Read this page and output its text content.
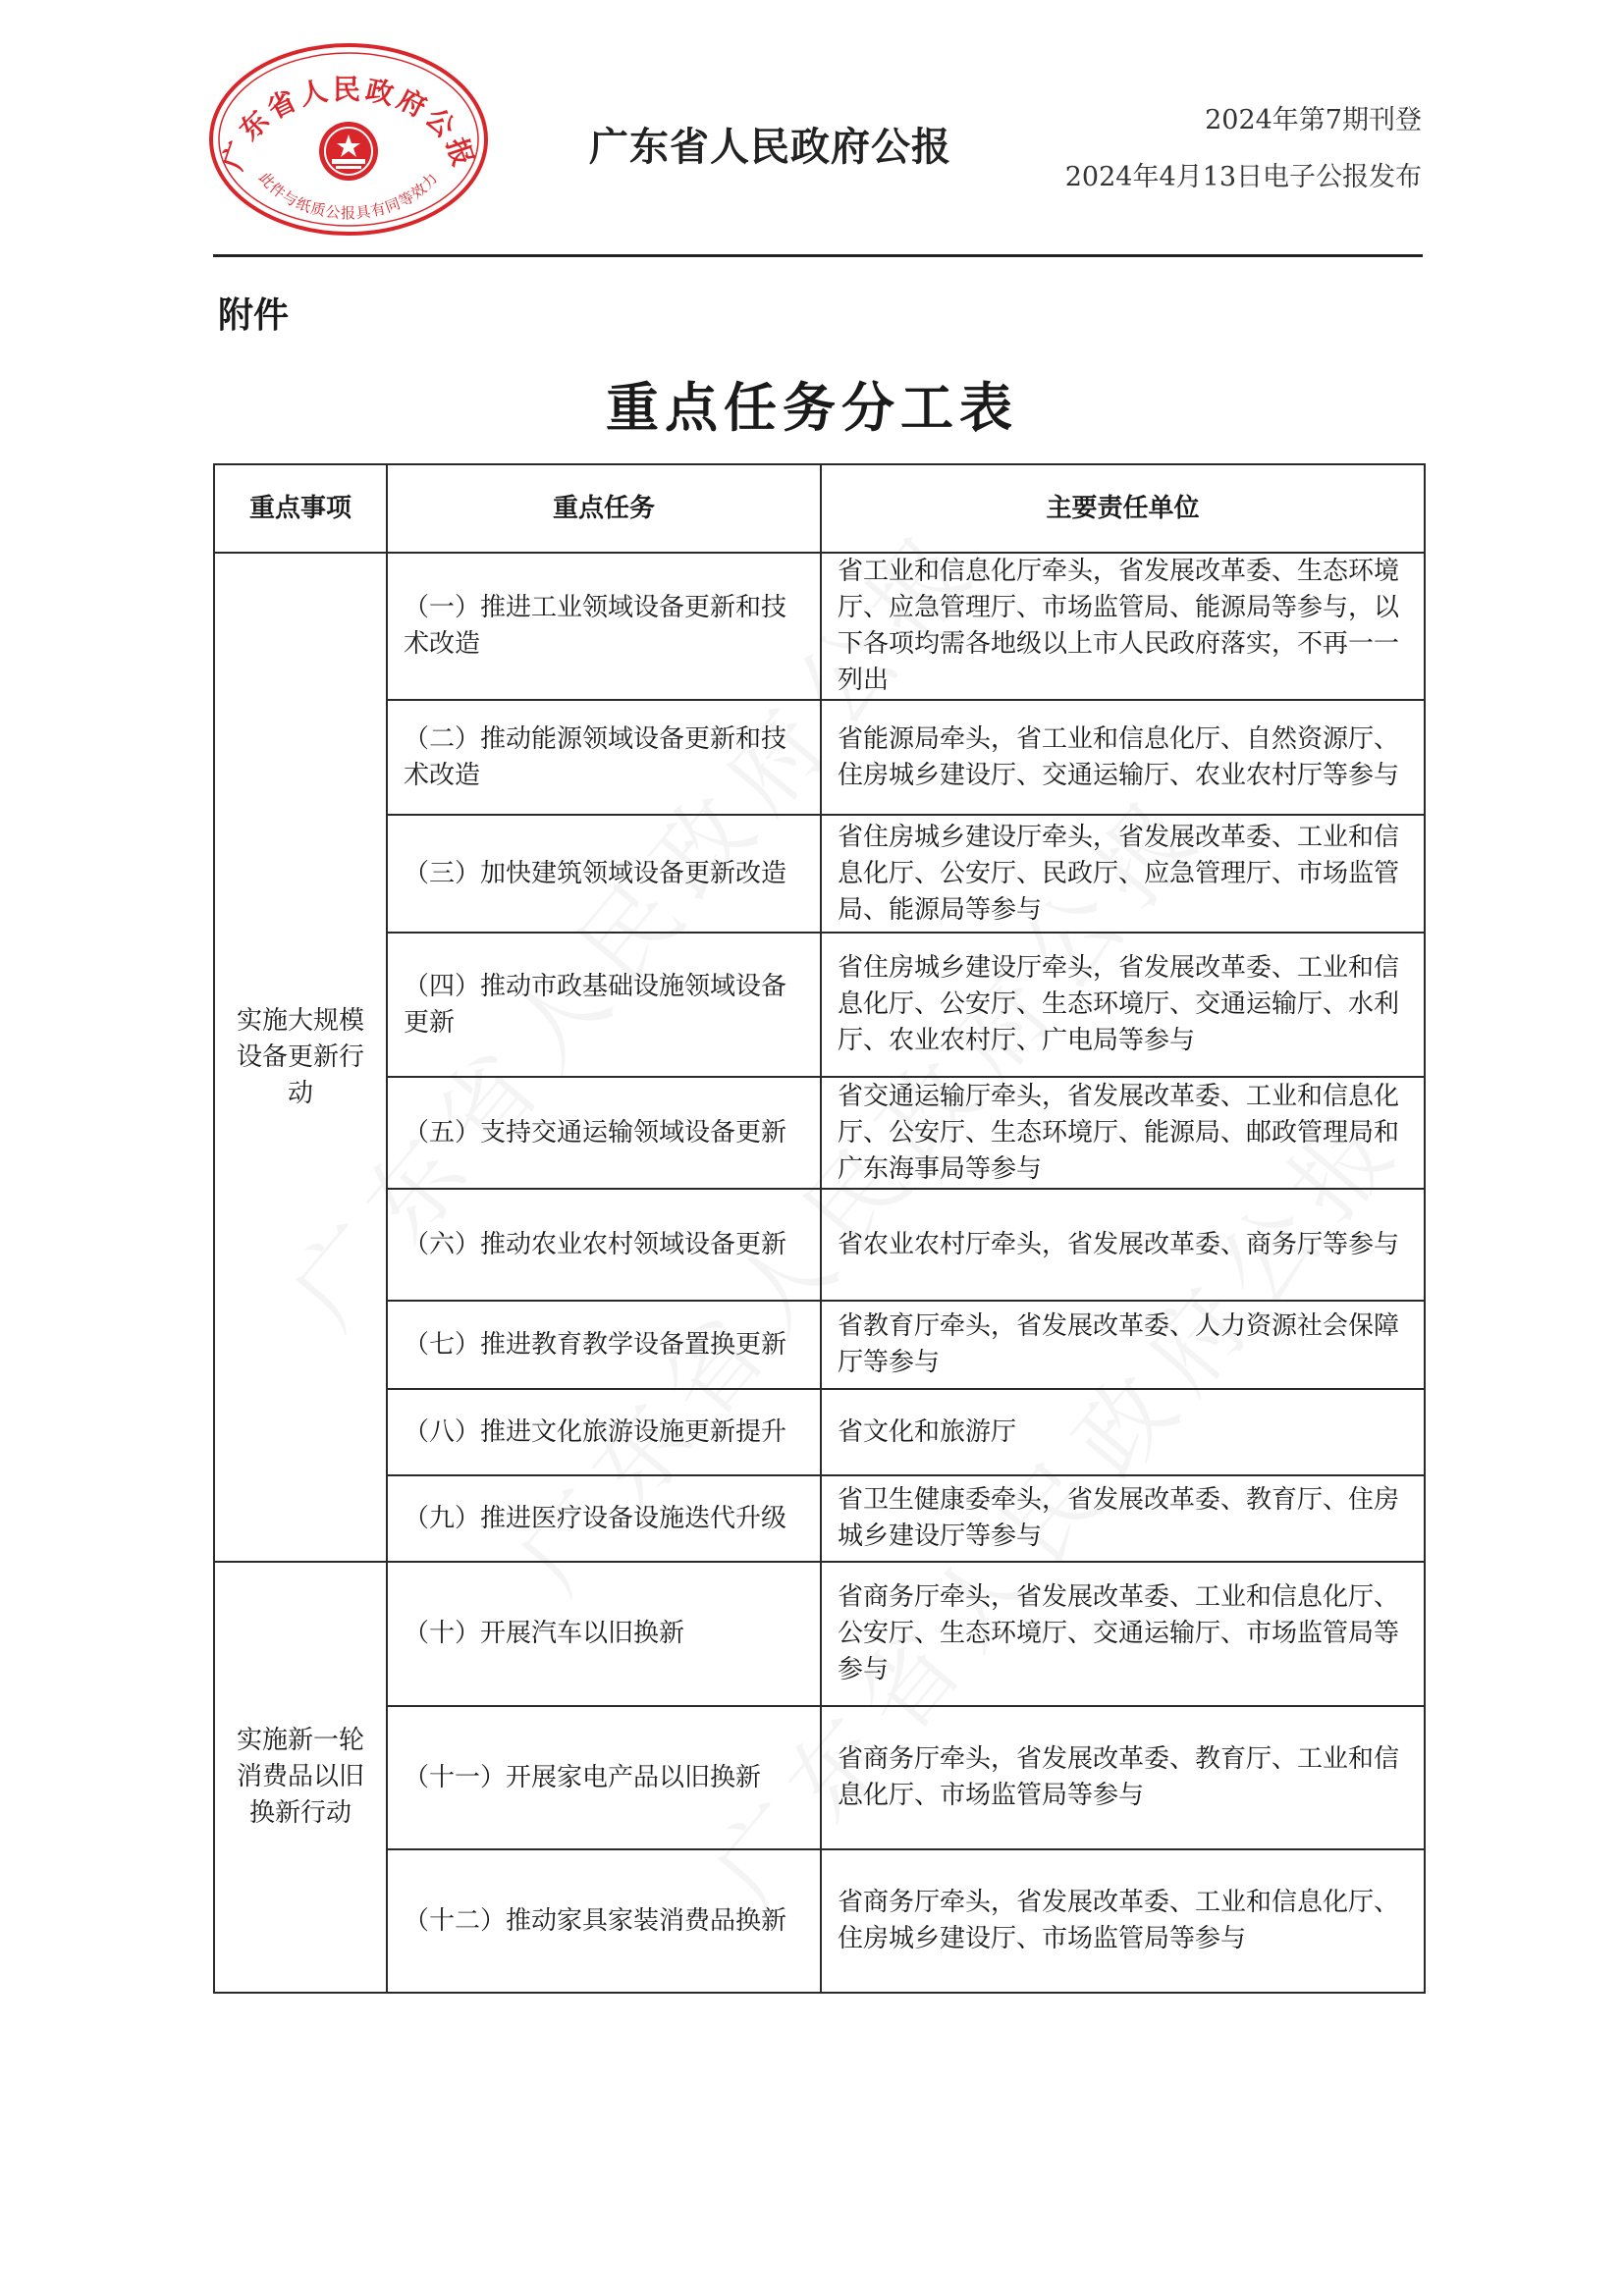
广东省人民政府公报
此件与纸质公报具有同等效力
广东省人民政府公报
2024年第7期刊登
2024年4月13日电子公报发布
附件
重点任务分工表
重点事项	重点任务	主要责任单位
实施大规模设备更新行动	（一）推进工业领域设备更新和技术改造	省工业和信息化厅牵头，省发展改革委、生态环境厅、应急管理厅、市场监管局、能源局等参与，以下各项均需各地级以上市人民政府落实，不再一一列出
	（二）推动能源领域设备更新和技术改造	省能源局牵头，省工业和信息化厅、自然资源厅、住房城乡建设厅、交通运输厅、农业农村厅等参与
	（三）加快建筑领域设备更新改造	省住房城乡建设厅牵头，省发展改革委、工业和信息化厅、公安厅、民政厅、应急管理厅、市场监管局、能源局等参与
	（四）推动市政基础设施领域设备更新	省住房城乡建设厅牵头，省发展改革委、工业和信息化厅、公安厅、生态环境厅、交通运输厅、水利厅、农业农村厅、广电局等参与
	（五）支持交通运输领域设备更新	省交通运输厅牵头，省发展改革委、工业和信息化厅、公安厅、生态环境厅、能源局、邮政管理局和广东海事局等参与
	（六）推动农业农村领域设备更新	省农业农村厅牵头，省发展改革委、商务厅等参与
	（七）推进教育教学设备置换更新	省教育厅牵头，省发展改革委、人力资源社会保障厅等参与
	（八）推进文化旅游设施更新提升	省文化和旅游厅
	（九）推进医疗设备设施迭代升级	省卫生健康委牵头，省发展改革委、教育厅、住房城乡建设厅等参与
实施新一轮消费品以旧换新行动	（十）开展汽车以旧换新	省商务厅牵头，省发展改革委、工业和信息化厅、公安厅、生态环境厅、交通运输厅、市场监管局等参与
	（十一）开展家电产品以旧换新	省商务厅牵头，省发展改革委、教育厅、工业和信息化厅、市场监管局等参与
	（十二）推动家具家装消费品换新	省商务厅牵头，省发展改革委、工业和信息化厅、住房城乡建设厅、市场监管局等参与
